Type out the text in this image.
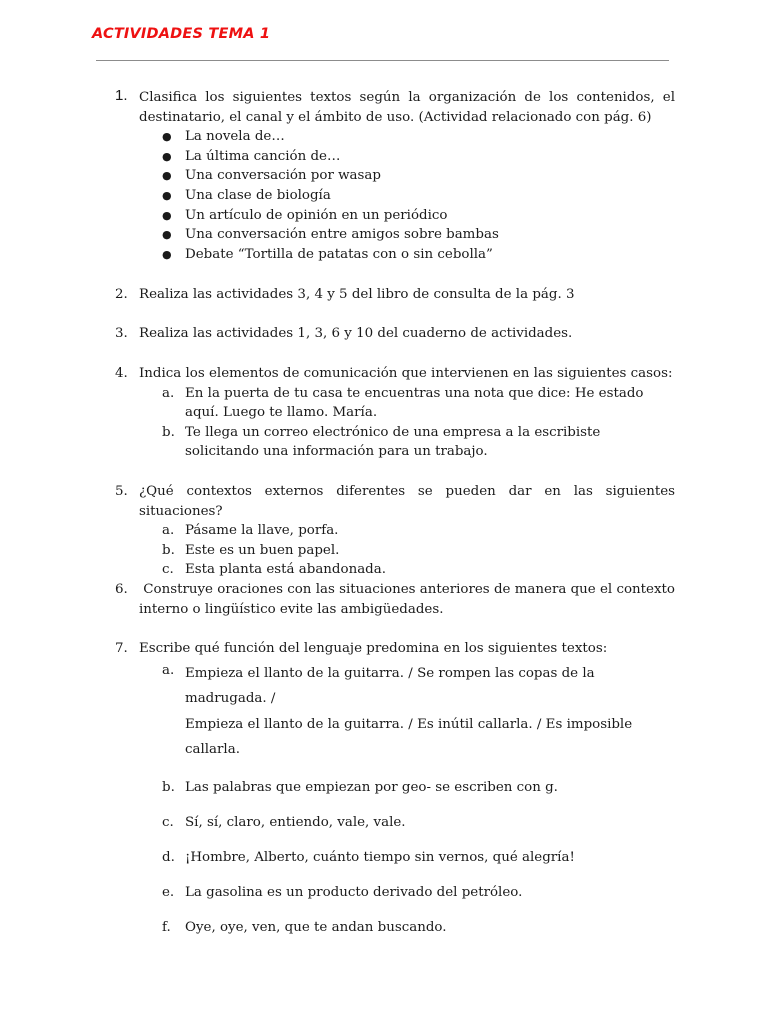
ACTIVIDADES TEMA 1
1. Clasifica los siguientes textos según la organización de los contenidos, el destinatario, el canal y el ámbito de uso. (Actividad relacionado con pág. 6)
● La novela de…
● La última canción de…
● Una conversación por wasap
● Una clase de biología
● Un artículo de opinión en un periódico
● Una conversación entre amigos sobre bambas
● Debate “Tortilla de patatas con o sin cebolla”
2. Realiza las actividades 3, 4 y 5 del libro de consulta de la pág. 3
3. Realiza las actividades 1, 3, 6 y 10 del cuaderno de actividades.
4. Indica los elementos de comunicación que intervienen en las siguientes casos:
a. En la puerta de tu casa te encuentras una nota que dice: He estado aquí. Luego te llamo. María.
b. Te llega un correo electrónico de una empresa a la escribiste solicitando una información para un trabajo.
5. ¿Qué contextos externos diferentes se pueden dar en las siguientes situaciones?
a. Pásame la llave, porfa.
b. Este es un buen papel.
c. Esta planta está abandonada.
6. Construye oraciones con las situaciones anteriores de manera que el contexto interno o lingüístico evite las ambigüedades.
7. Escribe qué función del lenguaje predomina en los siguientes textos:
a. Empieza el llanto de la guitarra. / Se rompen las copas de la madrugada. /
Empieza el llanto de la guitarra. / Es inútil callarla. / Es imposible callarla.
b. Las palabras que empiezan por geo- se escriben con g.
c. Sí, sí, claro, entiendo, vale, vale.
d. ¡Hombre, Alberto, cuánto tiempo sin vernos, qué alegría!
e. La gasolina es un producto derivado del petróleo.
f. Oye, oye, ven, que te andan buscando.
